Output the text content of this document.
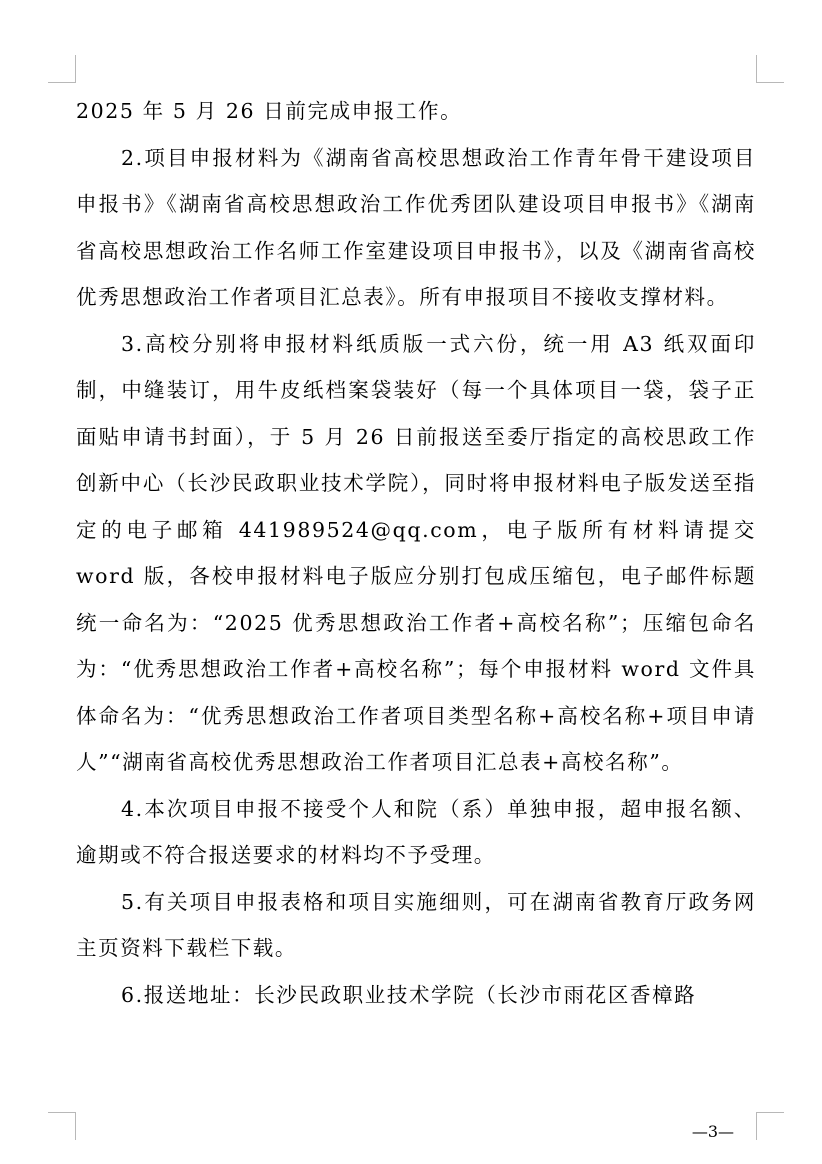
2025 年 5 月 26 日前完成申报工作。

2.项目申报材料为《湖南省高校思想政治工作青年骨干建设项目申报书》《湖南省高校思想政治工作优秀团队建设项目申报书》《湖南省高校思想政治工作名师工作室建设项目申报书》，以及《湖南省高校优秀思想政治工作者项目汇总表》。所有申报项目不接收支撑材料。

3.高校分别将申报材料纸质版一式六份，统一用 A3 纸双面印制，中缝装订，用牛皮纸档案袋装好（每一个具体项目一袋，袋子正面贴申请书封面），于 5 月 26 日前报送至委厅指定的高校思政工作创新中心（长沙民政职业技术学院），同时将申报材料电子版发送至指定的电子邮箱 441989524@qq.com，电子版所有材料请提交 word 版，各校申报材料电子版应分别打包成压缩包，电子邮件标题统一命名为：“2025 优秀思想政治工作者+高校名称”；压缩包命名为：“优秀思想政治工作者+高校名称”；每个申报材料 word 文件具体命名为：“优秀思想政治工作者项目类型名称+高校名称+项目申请人”“湖南省高校优秀思想政治工作者项目汇总表+高校名称”。

4.本次项目申报不接受个人和院（系）单独申报，超申报名额、逾期或不符合报送要求的材料均不予受理。

5.有关项目申报表格和项目实施细则，可在湖南省教育厅政务网主页资料下载栏下载。

6.报送地址：长沙民政职业技术学院（长沙市雨花区香樟路

—3—
